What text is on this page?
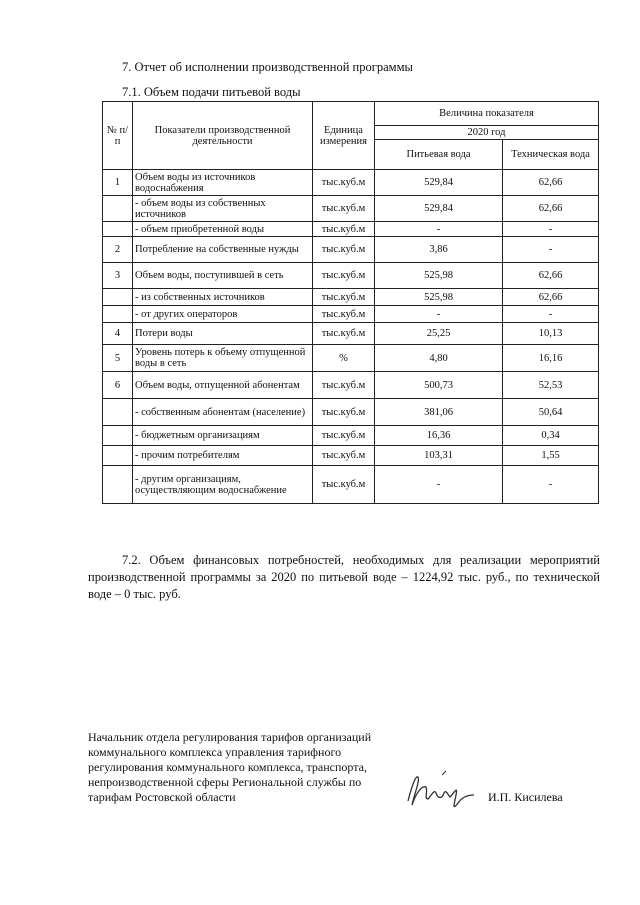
7. Отчет об исполнении производственной программы
7.1. Объем подачи питьевой воды
№ п/п	Показатели производственной деятельности	Единица измерения	Величина показателя	
			2020 год	
			Питьевая вода	Техническая вода
1	Объем воды из источников водоснабжения	тыс.куб.м	529,84	62,66
	- объем воды из собственных источников	тыс.куб.м	529,84	62,66
	- объем приобретенной воды	тыс.куб.м	-	-
2	Потребление на собственные нужды	тыс.куб.м	3,86	-
3	Объем воды, поступившей в сеть	тыс.куб.м	525,98	62,66
	- из собственных источников	тыс.куб.м	525,98	62,66
	- от других операторов	тыс.куб.м	-	-
4	Потери воды	тыс.куб.м	25,25	10,13
5	Уровень потерь к объему отпущенной воды в сеть	%	4,80	16,16
6	Объем воды, отпущенной абонентам	тыс.куб.м	500,73	52,53
	- собственным абонентам (население)	тыс.куб.м	381,06	50,64
	- бюджетным организациям	тыс.куб.м	16,36	0,34
	- прочим потребителям	тыс.куб.м	103,31	1,55
	- другим организациям, осуществляющим водоснабжение	тыс.куб.м	-	-
7.2. Объем финансовых потребностей, необходимых для реализации мероприятий производственной программы за 2020 по питьевой воде – 1224,92 тыс. руб., по технической воде – 0 тыс. руб.
Начальник отдела регулирования тарифов организаций коммунального комплекса управления тарифного регулирования коммунального комплекса, транспорта, непроизводственной сферы Региональной службы по тарифам Ростовской области	И.П. Кисилева
